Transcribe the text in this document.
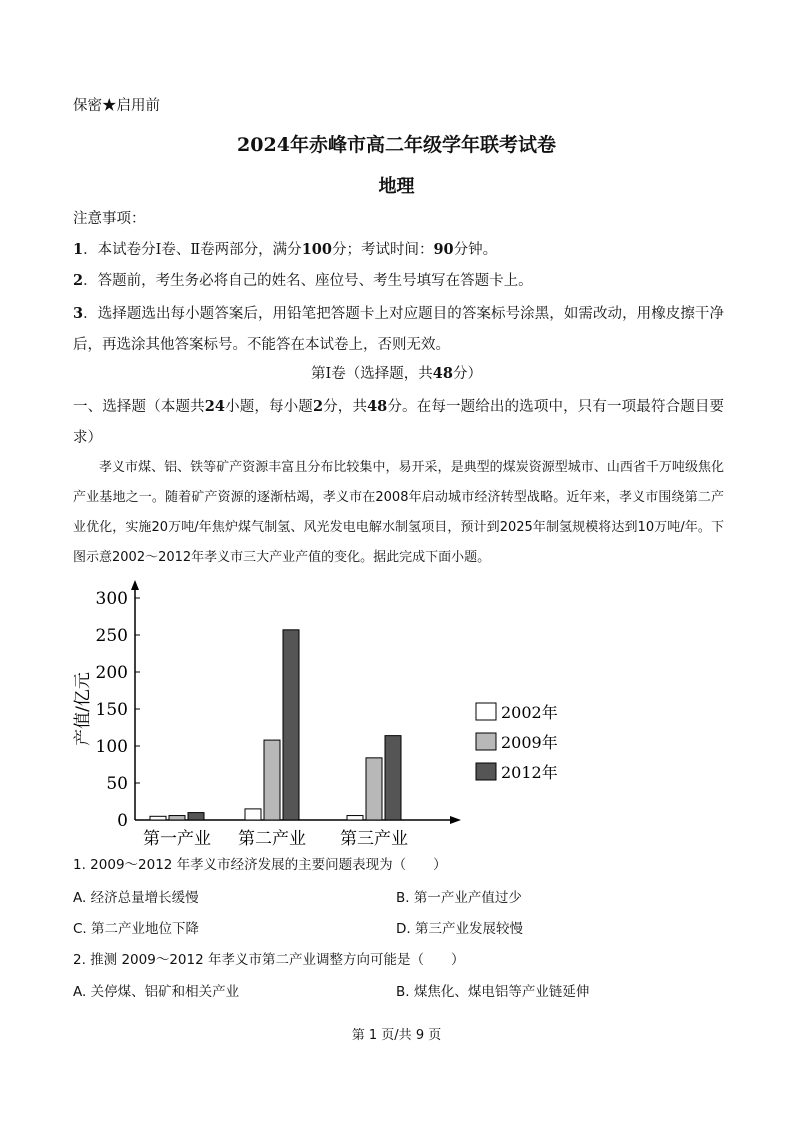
保密★启用前
2024年赤峰市高二年级学年联考试卷
地理
注意事项：
1．本试卷分Ⅰ卷、Ⅱ卷两部分，满分100分；考试时间：90分钟。
2．答题前，考生务必将自己的姓名、座位号、考生号填写在答题卡上。
3．选择题选出每小题答案后，用铅笔把答题卡上对应题目的答案标号涂黑，如需改动，用橡皮擦干净后，再选涂其他答案标号。不能答在本试卷上，否则无效。
第Ⅰ卷（选择题，共48分）
一、选择题（本题共24小题，每小题2分，共48分。在每一题给出的选项中，只有一项最符合题目要求）
孝义市煤、铝、铁等矿产资源丰富且分布比较集中，易开采，是典型的煤炭资源型城市、山西省千万吨级焦化产业基地之一。随着矿产资源的逐渐枯竭，孝义市在2008年启动城市经济转型战略。近年来，孝义市围绕第二产业优化，实施20万吨/年焦炉煤气制氢、风光发电电解水制氢项目，预计到2025年制氢规模将达到10万吨/年。下图示意2002～2012年孝义市三大产业产值的变化。据此完成下面小题。
0
50
100
150
200
250
300
产值/亿元
第一产业 第二产业 第三产业
2002年
2009年
2012年
1. 2009～2012 年孝义市经济发展的主要问题表现为（　　）
A. 经济总量增长缓慢	B. 第一产业产值过少
C. 第二产业地位下降	D. 第三产业发展较慢
2. 推测 2009～2012 年孝义市第二产业调整方向可能是（　　）
A. 关停煤、铝矿和相关产业	B. 煤焦化、煤电铝等产业链延伸
第 1 页/共 9 页
